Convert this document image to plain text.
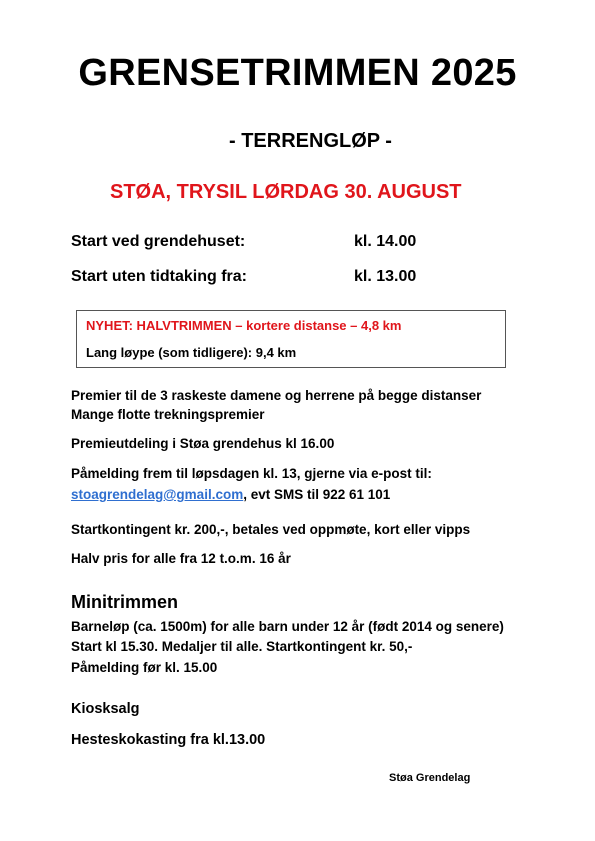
GRENSETRIMMEN 2025
- TERRENGLØP -
STØA, TRYSIL LØRDAG 30. AUGUST
Start ved grendehuset:	kl. 14.00
Start uten tidtaking fra:	kl. 13.00
NYHET: HALVTRIMMEN – kortere distanse – 4,8 km
Lang løype (som tidligere): 9,4 km
Premier til de 3 raskeste damene og herrene på begge distanser
Mange flotte trekningspremier
Premieutdeling i Støa grendehus kl 16.00
Påmelding frem til løpsdagen kl. 13, gjerne via e-post til:
stoagrendelag@gmail.com, evt SMS til 922 61 101
Startkontingent kr. 200,-, betales ved oppmøte, kort eller vipps
Halv pris for alle fra 12 t.o.m. 16 år
Minitrimmen
Barneløp (ca. 1500m) for alle barn under 12 år (født 2014 og senere)
Start kl 15.30. Medaljer til alle. Startkontingent kr. 50,-
Påmelding før kl. 15.00
Kiosksalg
Hesteskokasting fra kl.13.00
Støa Grendelag
